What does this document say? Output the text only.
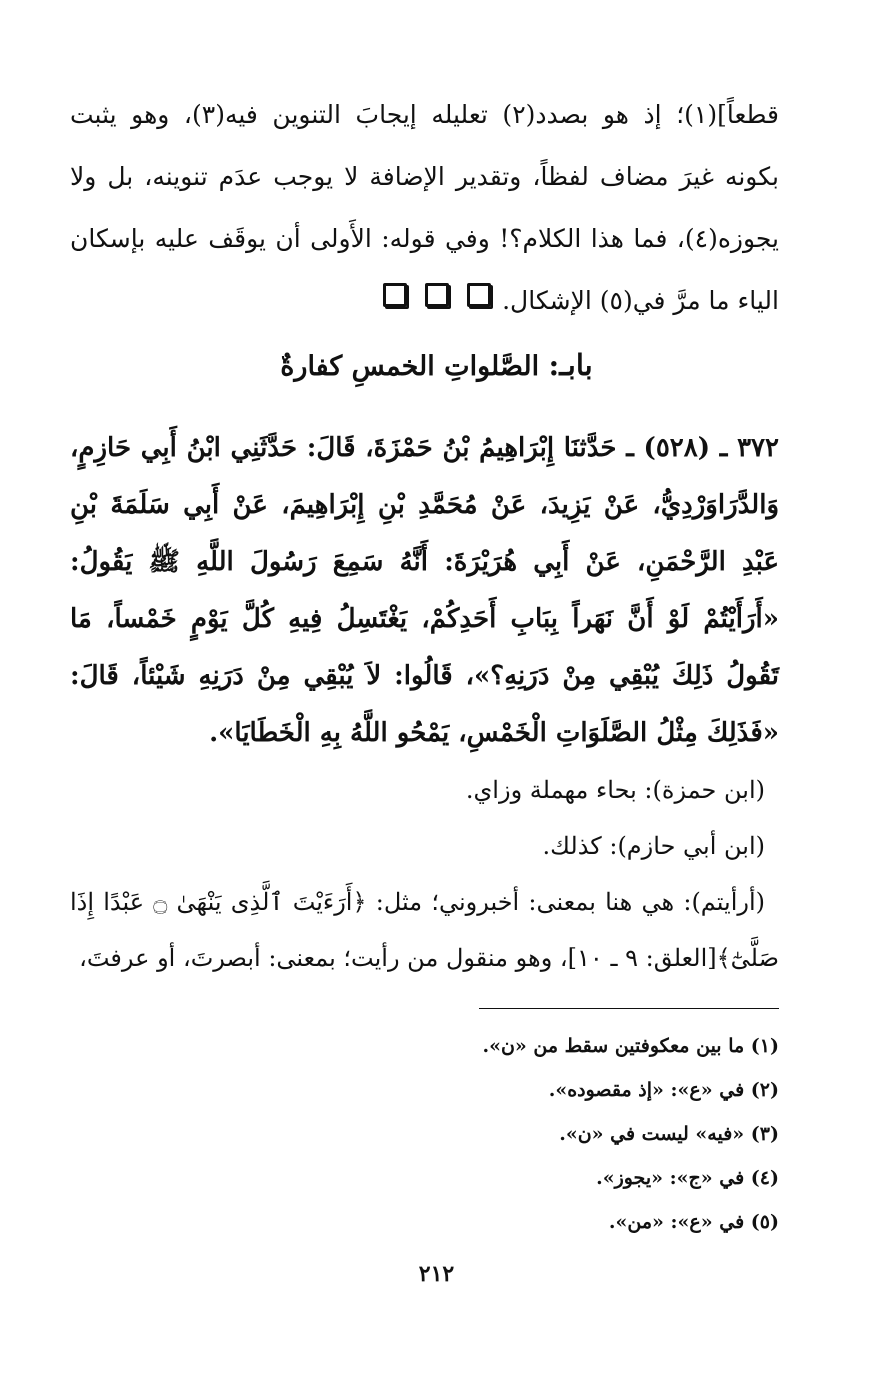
قطعاً](١)؛ إذ هو بصدد(٢) تعليله إيجابَ التنوين فيه(٣)، وهو يثبت بكونه غيرَ مضاف لفظاً، وتقدير الإضافة لا يوجب عدَم تنوينه، بل ولا يجوزه(٤)، فما هذا الكلام؟! وفي قوله: الأَولى أن يوقَف عليه بإسكان الياء ما مرَّ في(٥) الإشكال.
بابـ: الصَّلواتِ الخمسِ كفارةٌ
٣٧٢ ـ (٥٢٨) ـ حَدَّثنَا إِبْرَاهِيمُ بْنُ حَمْزَةَ، قَالَ: حَدَّثَنِي ابْنُ أَبِي حَازِمٍ، وَالدَّرَاوَرْدِيُّ، عَنْ يَزِيدَ، عَنْ مُحَمَّدِ بْنِ إِبْرَاهِيمَ، عَنْ أَبِي سَلَمَةَ بْنِ عَبْدِ الرَّحْمَنِ، عَنْ أَبِي هُرَيْرَةَ: أَنَّهُ سَمِعَ رَسُولَ اللَّهِ ﷺ يَقُولُ: «أَرَأَيْتُمْ لَوْ أَنَّ نَهَراً بِبَابِ أَحَدِكُمْ، يَغْتَسِلُ فِيهِ كُلَّ يَوْمٍ خَمْساً، مَا تَقُولُ ذَلِكَ يُبْقِي مِنْ دَرَنِهِ؟»، قَالُوا: لاَ يُبْقِي مِنْ دَرَنِهِ شَيْئاً، قَالَ: «فَذَلِكَ مِثْلُ الصَّلَوَاتِ الْخَمْسِ، يَمْحُو اللَّهُ بِهِ الْخَطَايَا».
(ابن حمزة): بحاء مهملة وزاي.
(ابن أبي حازم): كذلك.
(أرأيتم): هي هنا بمعنى: أخبروني؛ مثل: ﴿أَرَءَيْتَ ٱلَّذِى يَنْهَىٰ ۝ عَبْدًا إِذَا
صَلَّىٰٓ﴾[العلق: ٩ ـ ١٠]، وهو منقول من رأيت؛ بمعنى: أبصرتَ، أو عرفتَ،
(١) ما بين معكوفتين سقط من «ن».
(٢) في «ع»: «إذ مقصوده».
(٣) «فيه» ليست في «ن».
(٤) في «ج»: «يجوز».
(٥) في «ع»: «من».
٢١٢
